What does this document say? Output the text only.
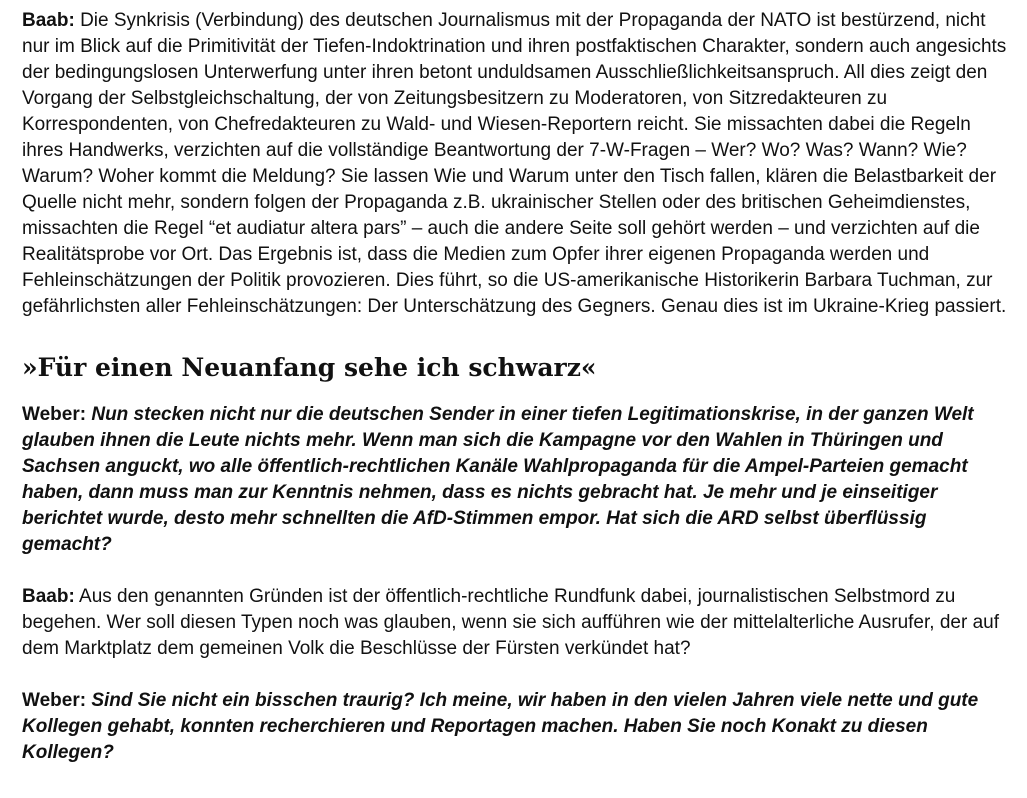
Baab: Die Synkrisis (Verbindung) des deutschen Journalismus mit der Propaganda der NATO ist bestürzend, nicht nur im Blick auf die Primitivität der Tiefen-Indoktrination und ihren postfaktischen Charakter, sondern auch angesichts der bedingungslosen Unterwerfung unter ihren betont unduldsamen Ausschließlichkeitsanspruch. All dies zeigt den Vorgang der Selbstgleichschaltung, der von Zeitungsbesitzern zu Moderatoren, von Sitzredakteuren zu Korrespondenten, von Chefredakteuren zu Wald- und Wiesen-Reportern reicht. Sie missachten dabei die Regeln ihres Handwerks, verzichten auf die vollständige Beantwortung der 7-W-Fragen – Wer? Wo? Was? Wann? Wie? Warum? Woher kommt die Meldung? Sie lassen Wie und Warum unter den Tisch fallen, klären die Belastbarkeit der Quelle nicht mehr, sondern folgen der Propaganda z.B. ukrainischer Stellen oder des britischen Geheimdienstes, missachten die Regel “et audiatur altera pars” – auch die andere Seite soll gehört werden – und verzichten auf die Realitätsprobe vor Ort. Das Ergebnis ist, dass die Medien zum Opfer ihrer eigenen Propaganda werden und Fehleinschätzungen der Politik provozieren. Dies führt, so die US-amerikanische Historikerin Barbara Tuchman, zur gefährlichsten aller Fehleinschätzungen: Der Unterschätzung des Gegners. Genau dies ist im Ukraine-Krieg passiert.

»Für einen Neuanfang sehe ich schwarz«

Weber: Nun stecken nicht nur die deutschen Sender in einer tiefen Legitimationskrise, in der ganzen Welt glauben ihnen die Leute nichts mehr. Wenn man sich die Kampagne vor den Wahlen in Thüringen und Sachsen anguckt, wo alle öffentlich-rechtlichen Kanäle Wahlpropaganda für die Ampel-Parteien gemacht haben, dann muss man zur Kenntnis nehmen, dass es nichts gebracht hat. Je mehr und je einseitiger berichtet wurde, desto mehr schnellten die AfD-Stimmen empor. Hat sich die ARD selbst überflüssig gemacht?

Baab: Aus den genannten Gründen ist der öffentlich-rechtliche Rundfunk dabei, journalistischen Selbstmord zu begehen. Wer soll diesen Typen noch was glauben, wenn sie sich aufführen wie der mittelalterliche Ausrufer, der auf dem Marktplatz dem gemeinen Volk die Beschlüsse der Fürsten verkündet hat?

Weber: Sind Sie nicht ein bisschen traurig? Ich meine, wir haben in den vielen Jahren viele nette und gute Kollegen gehabt, konnten recherchieren und Reportagen machen. Haben Sie noch Konakt zu diesen Kollegen?
